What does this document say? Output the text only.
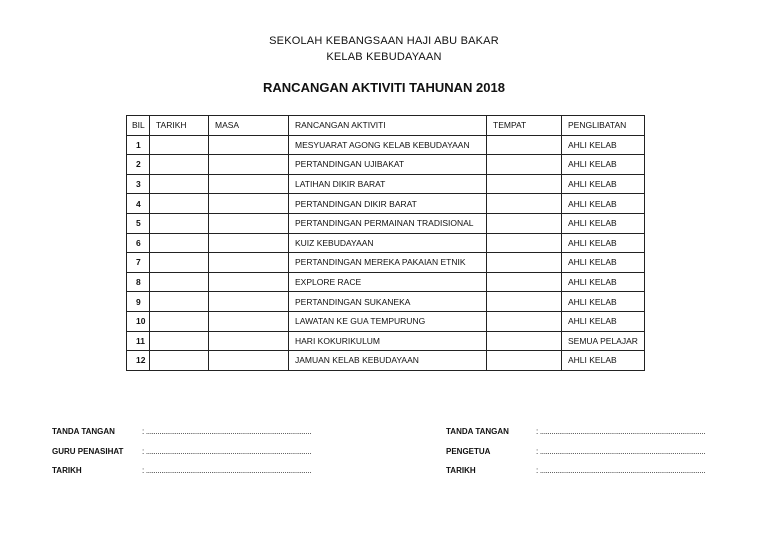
SEKOLAH KEBANGSAAN HAJI ABU BAKAR
KELAB KEBUDAYAAN
RANCANGAN AKTIVITI TAHUNAN 2018
BIL	TARIKH	MASA	RANCANGAN AKTIVITI	TEMPAT	PENGLIBATAN
1			MESYUARAT AGONG KELAB KEBUDAYAAN		AHLI KELAB
2			PERTANDINGAN UJIBAKAT		AHLI KELAB
3			LATIHAN DIKIR BARAT		AHLI KELAB
4			PERTANDINGAN DIKIR BARAT		AHLI KELAB
5			PERTANDINGAN PERMAINAN TRADISIONAL		AHLI KELAB
6			KUIZ KEBUDAYAAN		AHLI KELAB
7			PERTANDINGAN MEREKA PAKAIAN ETNIK		AHLI KELAB
8			EXPLORE RACE		AHLI KELAB
9			PERTANDINGAN SUKANEKA		AHLI KELAB
10			LAWATAN KE GUA TEMPURUNG		AHLI KELAB
11			HARI KOKURIKULUM		SEMUA PELAJAR
12			JAMUAN KELAB KEBUDAYAAN		AHLI KELAB
TANDA TANGAN	: ......................................................................................
GURU PENASIHAT : ......................................................................................
TARIKH	: ......................................................................................
TANDA TANGAN	: ......................................................................................
PENGETUA	: ......................................................................................
TARIKH	: ......................................................................................
